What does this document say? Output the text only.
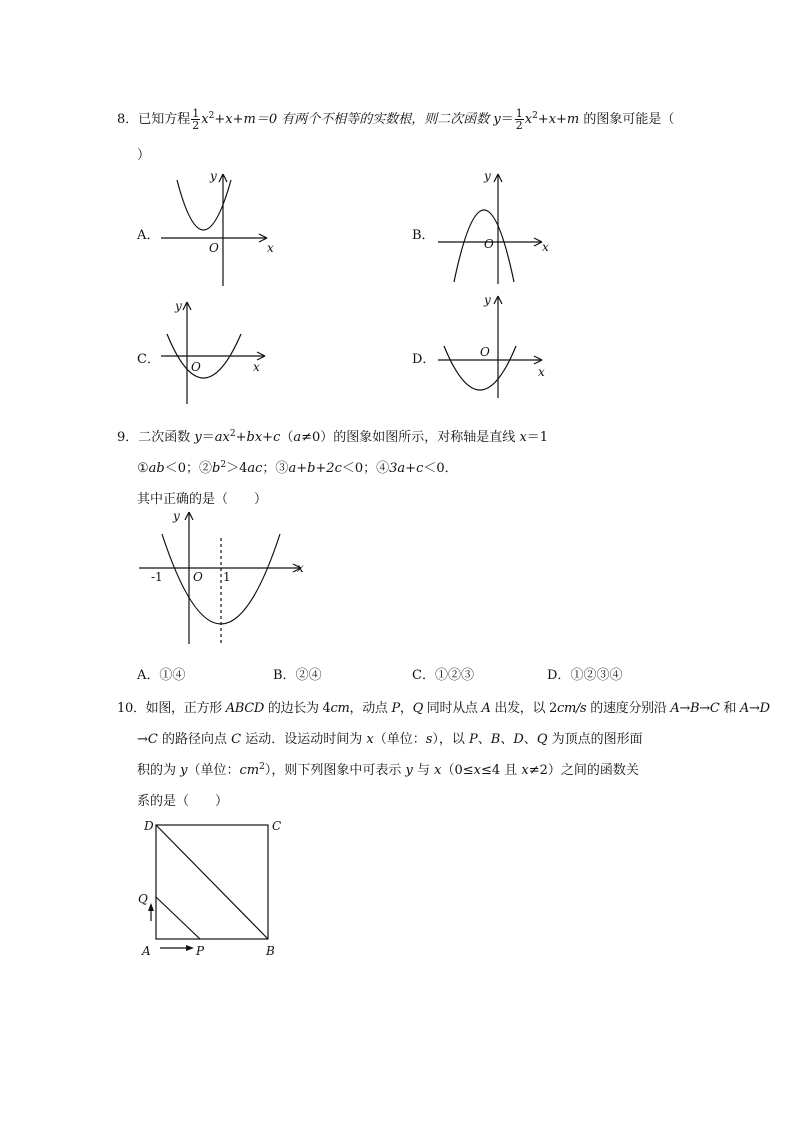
8．已知方程 $\frac{1}{2} x^2+x+m=0$ 有两个不相等的实数根，则二次函数 $y= \frac{1}{2} x^2+x+m$ 的图象可能是（
）
A．
y
x
O
B．
y
x
O
C．
y
x
O	D．
y
x
O
9．二次函数 $y=ax^2+bx+c(a\ne 0)$的图象如图所示，对称轴是直线 x＝1
①ab＜0；$②b^2>4ac$；③a+b+2c＜0；④3a+c＜0．
其中正确的是（　　）
y
x
O
-1	1
A．①④	B．②④	C．①②③	D．①②③④
10．如图，正方形 ABCD 的边长为 4cm，动点 P，Q 同时从点 A 出发，以 2cm/s 的速度分别沿 A→B→C 和 A→D
→C 的路径向点 C 运动．设运动时间为 x（单位：s），以 P、B、D、Q 为顶点的图形面
积的为 y（单位：$cm^2$），则下列图象中可表示 y 与 x（0≤x≤4 且 x≠2）之间的函数关
系的是（　　）
D	C
Q
A	P	B
